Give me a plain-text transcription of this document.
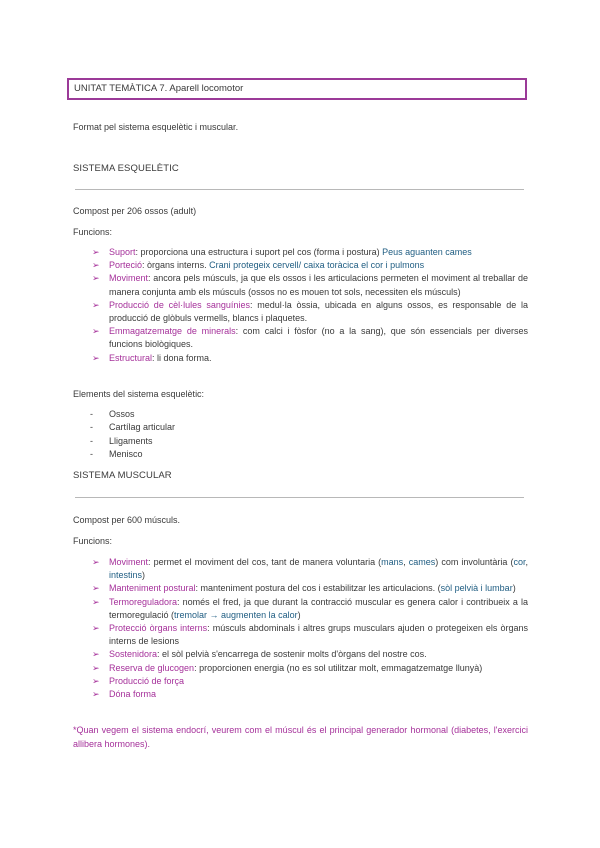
UNITAT TEMÀTICA 7. Aparell locomotor
Format pel sistema esquelètic i muscular.
SISTEMA ESQUELÈTIC
Compost per 206 ossos (adult)
Funcions:
➢ Suport: proporciona una estructura i suport pel cos (forma i postura) Peus aguanten cames
➢ Porteció: òrgans interns. Crani protegeix cervell/ caixa toràcica el cor i pulmons
➢ Moviment: ancora pels músculs, ja que els ossos i les articulacions permeten el moviment al treballar de manera conjunta amb els músculs (ossos no es mouen tot sols, necessiten els músculs)
➢ Producció de cèl·lules sanguínies: medul·la òssia, ubicada en alguns ossos, es responsable de la producció de glòbuls vermells, blancs i plaquetes.
➢ Emmagatzematge de minerals: com calci i fòsfor (no a la sang), que són essencials per diverses funcions biològiques.
➢ Estructural: li dona forma.
Elements del sistema esquelètic:
- Ossos
- Cartílag articular
- Lligaments
- Menisco
SISTEMA MUSCULAR
Compost per 600 músculs.
Funcions:
➢ Moviment: permet el moviment del cos, tant de manera voluntaria (mans, cames) com involuntària (cor, intestins)
➢ Manteniment postural: manteniment postura del cos i estabilitzar les articulacions. (sòl pelvià i lumbar)
➢ Termoreguladora: només el fred, ja que durant la contracció muscular es genera calor i contribueix a la termoregulació (tremolar → augmenten la calor)
➢ Protecció òrgans interns: músculs abdominals i altres grups musculars ajuden o protegeixen els òrgans interns de lesions
➢ Sostenidora: el sòl pelvià s'encarrega de sostenir molts d'òrgans del nostre cos.
➢ Reserva de glucogen: proporcionen energia (no es sol utilitzar molt, emmagatzematge llunyà)
➢ Producció de força
➢ Dóna forma
*Quan vegem el sistema endocrí, veurem com el múscul és el principal generador hormonal (diabetes, l'exercici allibera hormones).
